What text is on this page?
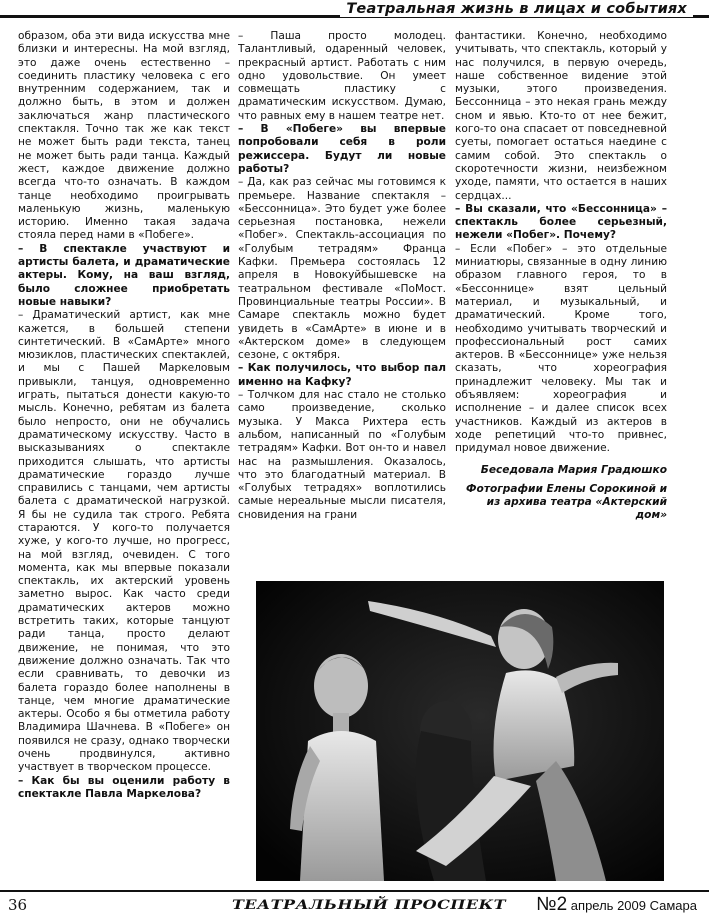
Театральная жизнь в лицах и событиях

образом, оба эти вида искусства мне близки и интересны. На мой взгляд, это даже очень естественно – соединить пластику человека с его внутренним содержанием, так и должно быть, в этом и должен заключаться жанр пластического спектакля. Точно так же как текст не может быть ради текста, танец не может быть ради танца. Каждый жест, каждое движение должно всегда что-то означать. В каждом танце необходимо проигрывать маленькую жизнь, маленькую историю. Именно такая задача стояла перед нами в «Побеге».

– В спектакле участвуют и артисты балета, и драматические актеры. Кому, на ваш взгляд, было сложнее приобретать новые навыки?

– Драматический артист, как мне кажется, в большей степени синтетический. В «СамАрте» много мюзиклов, пластических спектаклей, и мы с Пашей Маркеловым привыкли, танцуя, одновременно играть, пытаться донести какую-то мысль. Конечно, ребятам из балета было непросто, они не обучались драматическому искусству. Часто в высказываниях о спектакле приходится слышать, что артисты драматические гораздо лучше справились с танцами, чем артисты балета с драматической нагрузкой. Я бы не судила так строго. Ребята стараются. У кого-то получается хуже, у кого-то лучше, но прогресс, на мой взгляд, очевиден. С того момента, как мы впервые показали спектакль, их актерский уровень заметно вырос. Как часто среди драматических актеров можно встретить таких, которые танцуют ради танца, просто делают движение, не понимая, что это движение должно означать. Так что если сравнивать, то девочки из балета гораздо более наполнены в танце, чем многие драматические актеры. Особо я бы отметила работу Владимира Шачнева. В «Побеге» он появился не сразу, однако творчески очень продвинулся, активно участвует в творческом процессе.

– Как бы вы оценили работу в спектакле Павла Маркелова?

– Паша просто молодец. Талантливый, одаренный человек, прекрасный артист. Работать с ним одно удовольствие. Он умеет совмещать пластику с драматическим искусством. Думаю, что равных ему в нашем театре нет.

– В «Побеге» вы впервые попробовали себя в роли режиссера. Будут ли новые работы?

– Да, как раз сейчас мы готовимся к премьере. Название спектакля – «Бессонница». Это будет уже более серьезная постановка, нежели «Побег». Спектакль-ассоциация по «Голубым тетрадям» Франца Кафки. Премьера состоялась 12 апреля в Новокуйбышевске на театральном фестивале «ПоМост. Провинциальные театры России». В Самаре спектакль можно будет увидеть в «СамАрте» в июне и в «Актерском доме» в следующем сезоне, с октября.

– Как получилось, что выбор пал именно на Кафку?

– Толчком для нас стало не столько само произведение, сколько музыка. У Макса Рихтера есть альбом, написанный по «Голубым тетрадям» Кафки. Вот он-то и навел нас на размышления. Оказалось, что это благодатный материал. В «Голубых тетрадях» воплотились самые нереальные мысли писателя, сновидения на грани

фантастики. Конечно, необходимо учитывать, что спектакль, который у нас получился, в первую очередь, наше собственное видение этой музыки, этого произведения. Бессонница – это некая грань между сном и явью. Кто-то от нее бежит, кого-то она спасает от повседневной суеты, помогает остаться наедине с самим собой. Это спектакль о скоротечности жизни, неизбежном уходе, памяти, что остается в наших сердцах...

– Вы сказали, что «Бессонница» – спектакль более серьезный, нежели «Побег». Почему?

– Если «Побег» – это отдельные миниатюры, связанные в одну линию образом главного героя, то в «Бессоннице» взят цельный материал, и музыкальный, и драматический. Кроме того, необходимо учитывать творческий и профессиональный рост самих актеров. В «Бессоннице» уже нельзя сказать, что хореография принадлежит человеку. Мы так и объявляем: хореография и исполнение – и далее список всех участников. Каждый из актеров в ходе репетиций что-то привнес, придумал новое движение.

Беседовала Мария Градюшко

Фотографии Елены Сорокиной и из архива театра «Актерский дом»

36	ТЕАТРАЛЬНЫЙ ПРОСПЕКТ №2 апрель 2009 Самара
